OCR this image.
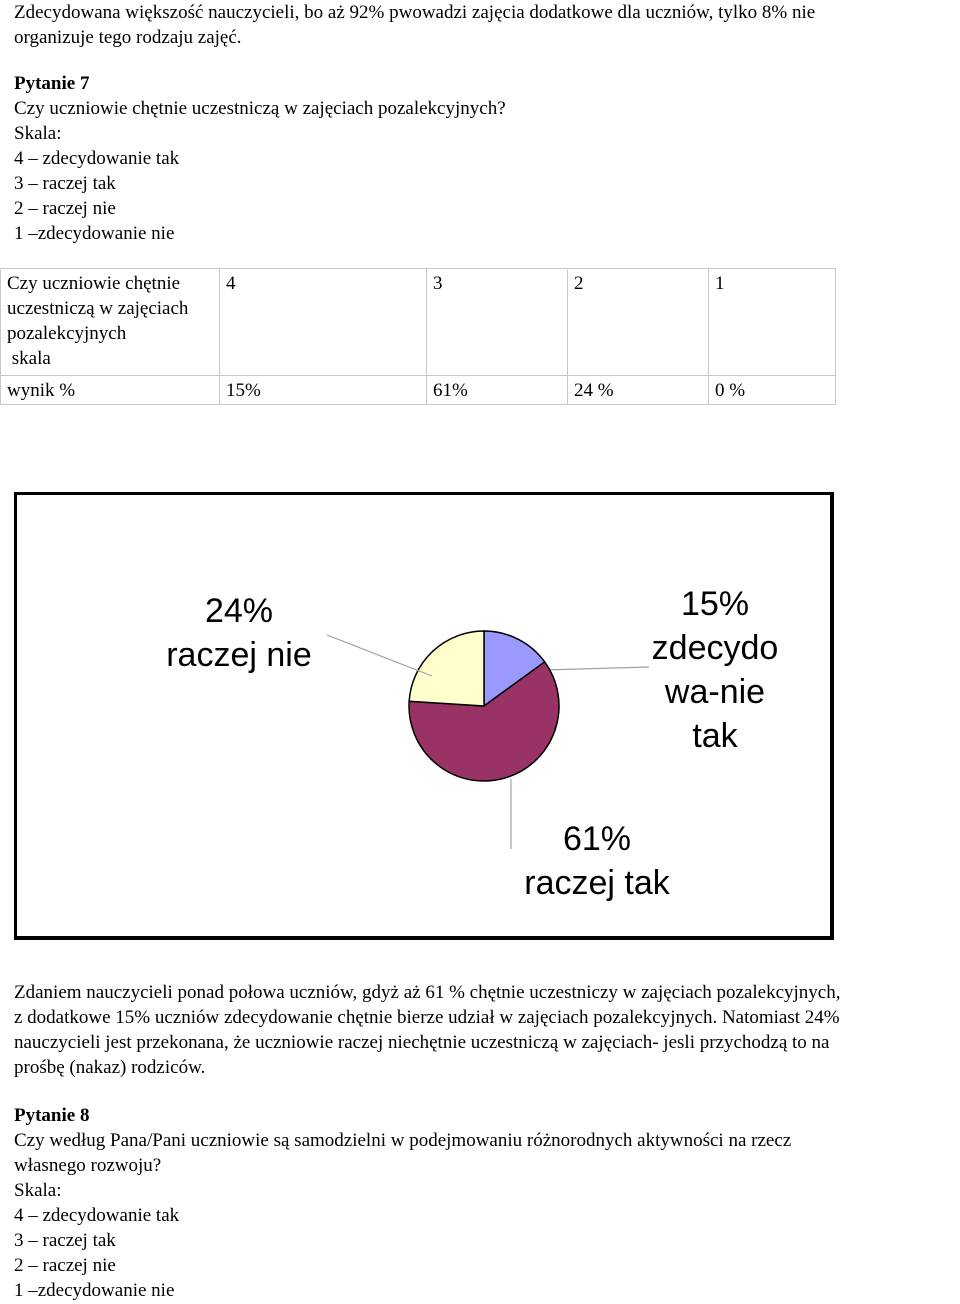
Zdecydowana większość nauczycieli, bo aż 92% pwowadzi zajęcia dodatkowe dla uczniów, tylko 8% nie
organizuje tego rodzaju zajęć.
Pytanie 7
Czy uczniowie chętnie uczestniczą w zajęciach pozalekcyjnych?
Skala:
4 – zdecydowanie tak
3 – raczej tak
2 – raczej nie
1 –zdecydowanie nie
Czy uczniowie chętnie
uczestniczą w zajęciach
pozalekcyjnych
skala	4	3	2	1
wynik %	15%	61%	24 %	0 %
15% zdecydo wa-nie tak
61% raczej tak
24% raczej nie
Zdaniem nauczycieli ponad połowa uczniów, gdyż aż 61 % chętnie uczestniczy w zajęciach pozalekcyjnych,
z dodatkowe 15% uczniów zdecydowanie chętnie bierze udział w zajęciach pozalekcyjnych. Natomiast 24%
nauczycieli jest przekonana, że uczniowie raczej niechętnie uczestniczą w zajęciach- jesli przychodzą to na
prośbę (nakaz) rodziców.
Pytanie 8
Czy według Pana/Pani uczniowie są samodzielni w podejmowaniu różnorodnych aktywności na rzecz
własnego rozwoju?
Skala:
4 – zdecydowanie tak
3 – raczej tak
2 – raczej nie
1 –zdecydowanie nie
